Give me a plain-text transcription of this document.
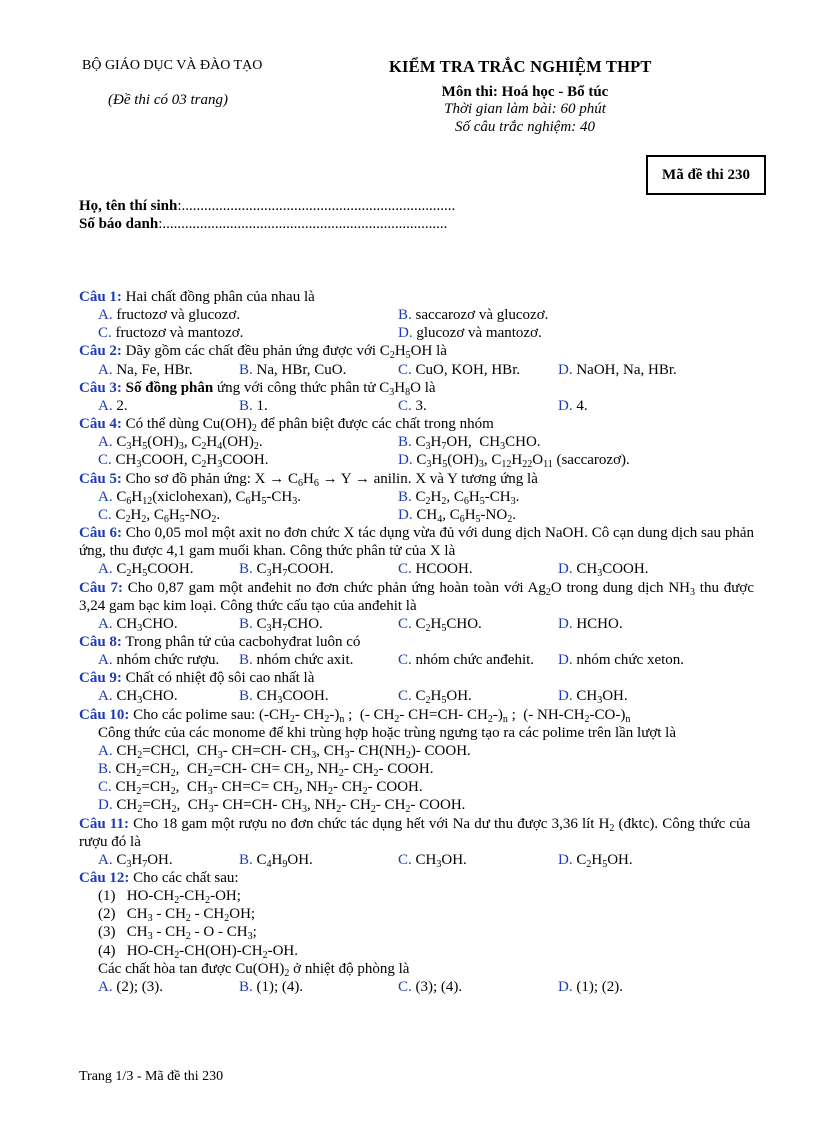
BỘ GIÁO DỤC VÀ ĐÀO TẠO
(Đề thi có 03 trang)
KIỂM TRA TRẮC NGHIỆM THPT
Môn thi: Hoá học - Bổ túc
Thời gian làm bài: 60 phút
Số câu trắc nghiệm: 40
Mã đề thi 230
Họ, tên thí sinh:.........................................................................
Số báo danh:............................................................................
Câu 1: Hai chất đồng phân của nhau là
A. fructozơ và glucozơ.	B. saccarozơ và glucozơ.
C. fructozơ và mantozơ.	D. glucozơ và mantozơ.
Câu 2: Dãy gồm các chất đều phản ứng được với $C_2H_5OH$ là
A. Na, Fe, HBr.	B. Na, HBr, CuO.	C. CuO, KOH, HBr.	D. NaOH, Na, HBr.
Câu 3: Số đồng phân ứng với công thức phân tử $C_3H_8O$ là
A. 2.	B. 1.	C. 3.	D. 4.
Câu 4: Có thể dùng $Cu(OH)_2$ để phân biệt được các chất trong nhóm
A. $C_3H_5(OH)_3$, $C_2H_4(OH)_2$.	B. $C_3H_7OH$,  $CH_3CHO$.
C. $CH_3COOH$, $C_2H_3COOH$.	D. $C_3H_5(OH)_3$, $C_{12}H_{22}O_{11}$ (saccarozơ).
Câu 5: Cho sơ đồ phản ứng: $X \to C_6H_6 \to Y$ → anilin. X và Y tương ứng là
A. $C_6H_{12}(xiclohexan)$, $C_6H_5-CH_3$.	B. $C_2H_2$, $C_6H_5-CH_3$.
C. $C_2H_2$, $C_6H_5-NO_2$.	D. $CH_4$, $C_6H_5-NO_2$.
Câu 6: Cho 0,05 mol một axit no đơn chức X tác dụng vừa đủ với dung dịch NaOH. Cô cạn dung dịch sau phản ứng, thu được 4,1 gam muối khan. Công thức phân tử của X là
A. $C_2H_5COOH$.	B. $C_3H_7COOH$.	C. HCOOH.	D. $CH_3COOH$.
Câu 7: Cho 0,87 gam một anđehit no đơn chức phản ứng hoàn toàn với $Ag_2O$ trong dung dịch $NH_3$ thu được 3,24 gam bạc kim loại. Công thức cấu tạo của anđehit là
A. $CH_3CHO$.	B. $C_3H_7CHO$.	C. $C_2H_5CHO$.	D. HCHO.
Câu 8: Trong phân tử của cacbohyđrat luôn có
A. nhóm chức rượu.	B. nhóm chức axit.	C. nhóm chức anđehit.	D. nhóm chức xeton.
Câu 9: Chất có nhiệt độ sôi cao nhất là
A. $CH_3CHO$.	B. $CH_3COOH$.	C. $C_2H_5OH$.	D. $CH_3OH$.
Câu 10: Cho các polime sau: ($-CH_2-$ $CH_2-)_n$ ;  (- $CH_2-$ CH=CH- $CH_2-)_n$ ;  (- $NH-CH_2-CO-)_n$
Công thức của các monome để khi trùng hợp hoặc trùng ngưng tạo ra các polime trên lần lượt là
A. $CH_2=CHCl$,  $CH_3-$ CH=CH- $CH_3$, $CH_3-$ $CH(NH_2)-$ COOH.
B. $CH_2=CH_2$,  $CH_2=CH-$ $CH= CH_2$, $NH_2-$ $CH_2-$ COOH.
C. $CH_2=CH_2$,  $CH_3-$ $CH=C= CH_2$, $NH_2-$ $CH_2-$ COOH.
D. $CH_2=CH_2$,  $CH_3-$ CH=CH- $CH_3$, $NH_2-$ $CH_2-$ $CH_2-$ COOH.
Câu 11: Cho 18 gam một rượu no đơn chức tác dụng hết với Na dư thu được 3,36 lít $H_2$ (đktc). Công thức của  rượu đó là
A. $C_3H_7OH$.	B. $C_4H_9OH$.	C. $CH_3OH$.	D. $C_2H_5OH$.
Câu 12: Cho các chất sau:
(1)   $HO-CH_2-CH_2-OH$;
(2)   $CH_3 - CH_2 - CH_2OH$;
(3)   $CH_3 - CH_2$ - O - $CH_3$;
(4)   $HO-CH_2-CH(OH)-CH_2-OH$.
Các chất hòa tan được $Cu(OH)_2$ ở nhiệt độ phòng là
A. (2); (3).	B. (1); (4).	C. (3); (4).	D. (1); (2).
Trang 1/3 - Mã đề thi 230
